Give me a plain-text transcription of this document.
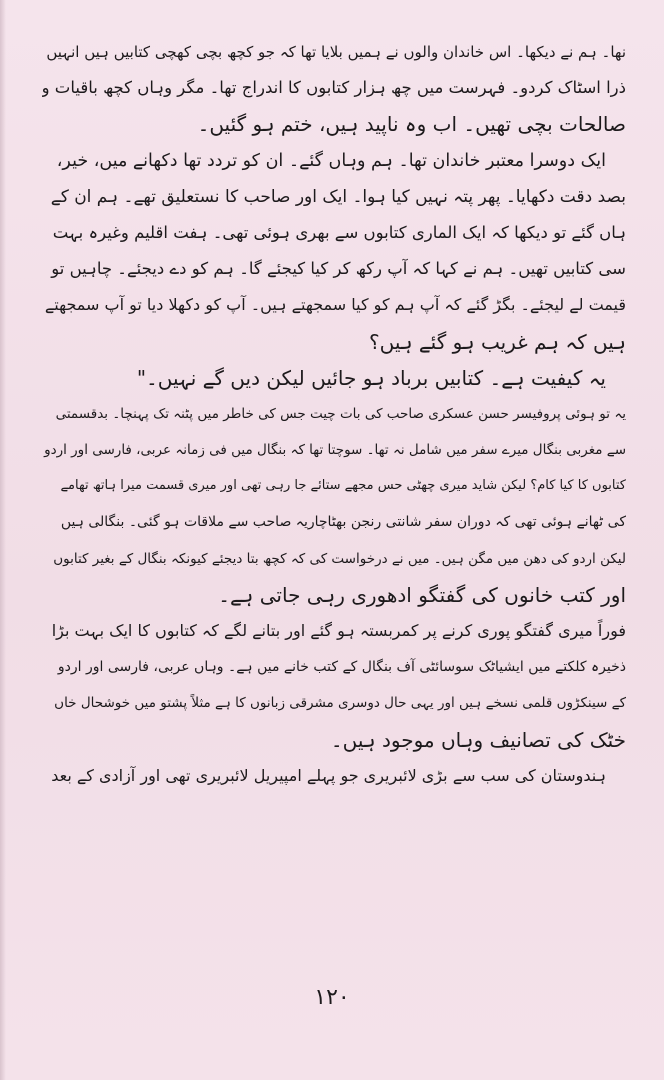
نھا۔ ہم نے دیکھا۔ اس خاندان والوں نے ہمیں بلایا تھا کہ جو کچھ بچی کھچی کتابیں ہیں انہیں
ذرا اسٹاک کردو۔ فہرست میں چھ ہزار کتابوں کا اندراج تھا۔ مگر وہاں کچھ باقیات و
صالحات بچی تھیں۔ اب وہ ناپید ہیں، ختم ہو گئیں۔
ایک دوسرا معتبر خاندان تھا۔ ہم وہاں گئے۔ ان کو تردد تھا دکھانے میں، خیر،
بصد دقت دکھایا۔ پھر پتہ نہیں کیا ہوا۔ ایک اور صاحب کا نستعلیق تھے۔ ہم ان کے
ہاں گئے تو دیکھا کہ ایک الماری کتابوں سے بھری ہوئی تھی۔ ہفت اقلیم وغیرہ بہت
سی کتابیں تھیں۔ ہم نے کہا کہ آپ رکھ کر کیا کیجئے گا۔ ہم کو دے دیجئے۔ چاہیں تو
قیمت لے لیجئے۔ بگڑ گئے کہ آپ ہم کو کیا سمجھتے ہیں۔ آپ کو دکھلا دیا تو آپ سمجھتے
ہیں کہ ہم غریب ہو گئے ہیں؟
یہ کیفیت ہے۔ کتابیں برباد ہو جائیں لیکن دیں گے نہیں۔"
یہ تو ہوئی پروفیسر حسن عسکری صاحب کی بات چیت جس کی خاطر میں پٹنہ تک پہنچا۔ بدقسمتی
سے مغربی بنگال میرے سفر میں شامل نہ تھا۔ سوچتا تھا کہ بنگال میں فی زمانہ عربی، فارسی اور اردو
کتابوں کا کیا کام؟ لیکن شاید میری چھٹی حس مجھے ستائے جا رہی تھی اور میری قسمت میرا ہاتھ تھامے
کی ٹھانے ہوئی تھی کہ دوران سفر شانتی رنجن بھٹاچاریہ صاحب سے ملاقات ہو گئی۔ بنگالی ہیں
لیکن اردو کی دھن میں مگن ہیں۔ میں نے درخواست کی کہ کچھ بتا دیجئے کیونکہ بنگال کے بغیر کتابوں
اور کتب خانوں کی گفتگو ادھوری رہی جاتی ہے۔
فوراً میری گفتگو پوری کرنے پر کمربستہ ہو گئے اور بتانے لگے کہ کتابوں کا ایک بہت بڑا
ذخیرہ کلکتے میں ایشیاٹک سوسائٹی آف بنگال کے کتب خانے میں ہے۔ وہاں عربی، فارسی اور اردو
کے سینکڑوں قلمی نسخے ہیں اور یہی حال دوسری مشرقی زبانوں کا ہے مثلاً پشتو میں خوشحال خاں
خٹک کی تصانیف وہاں موجود ہیں۔
ہندوستان کی سب سے بڑی لائبریری جو پہلے امپیریل لائبریری تھی اور آزادی کے بعد
۱۲۰
